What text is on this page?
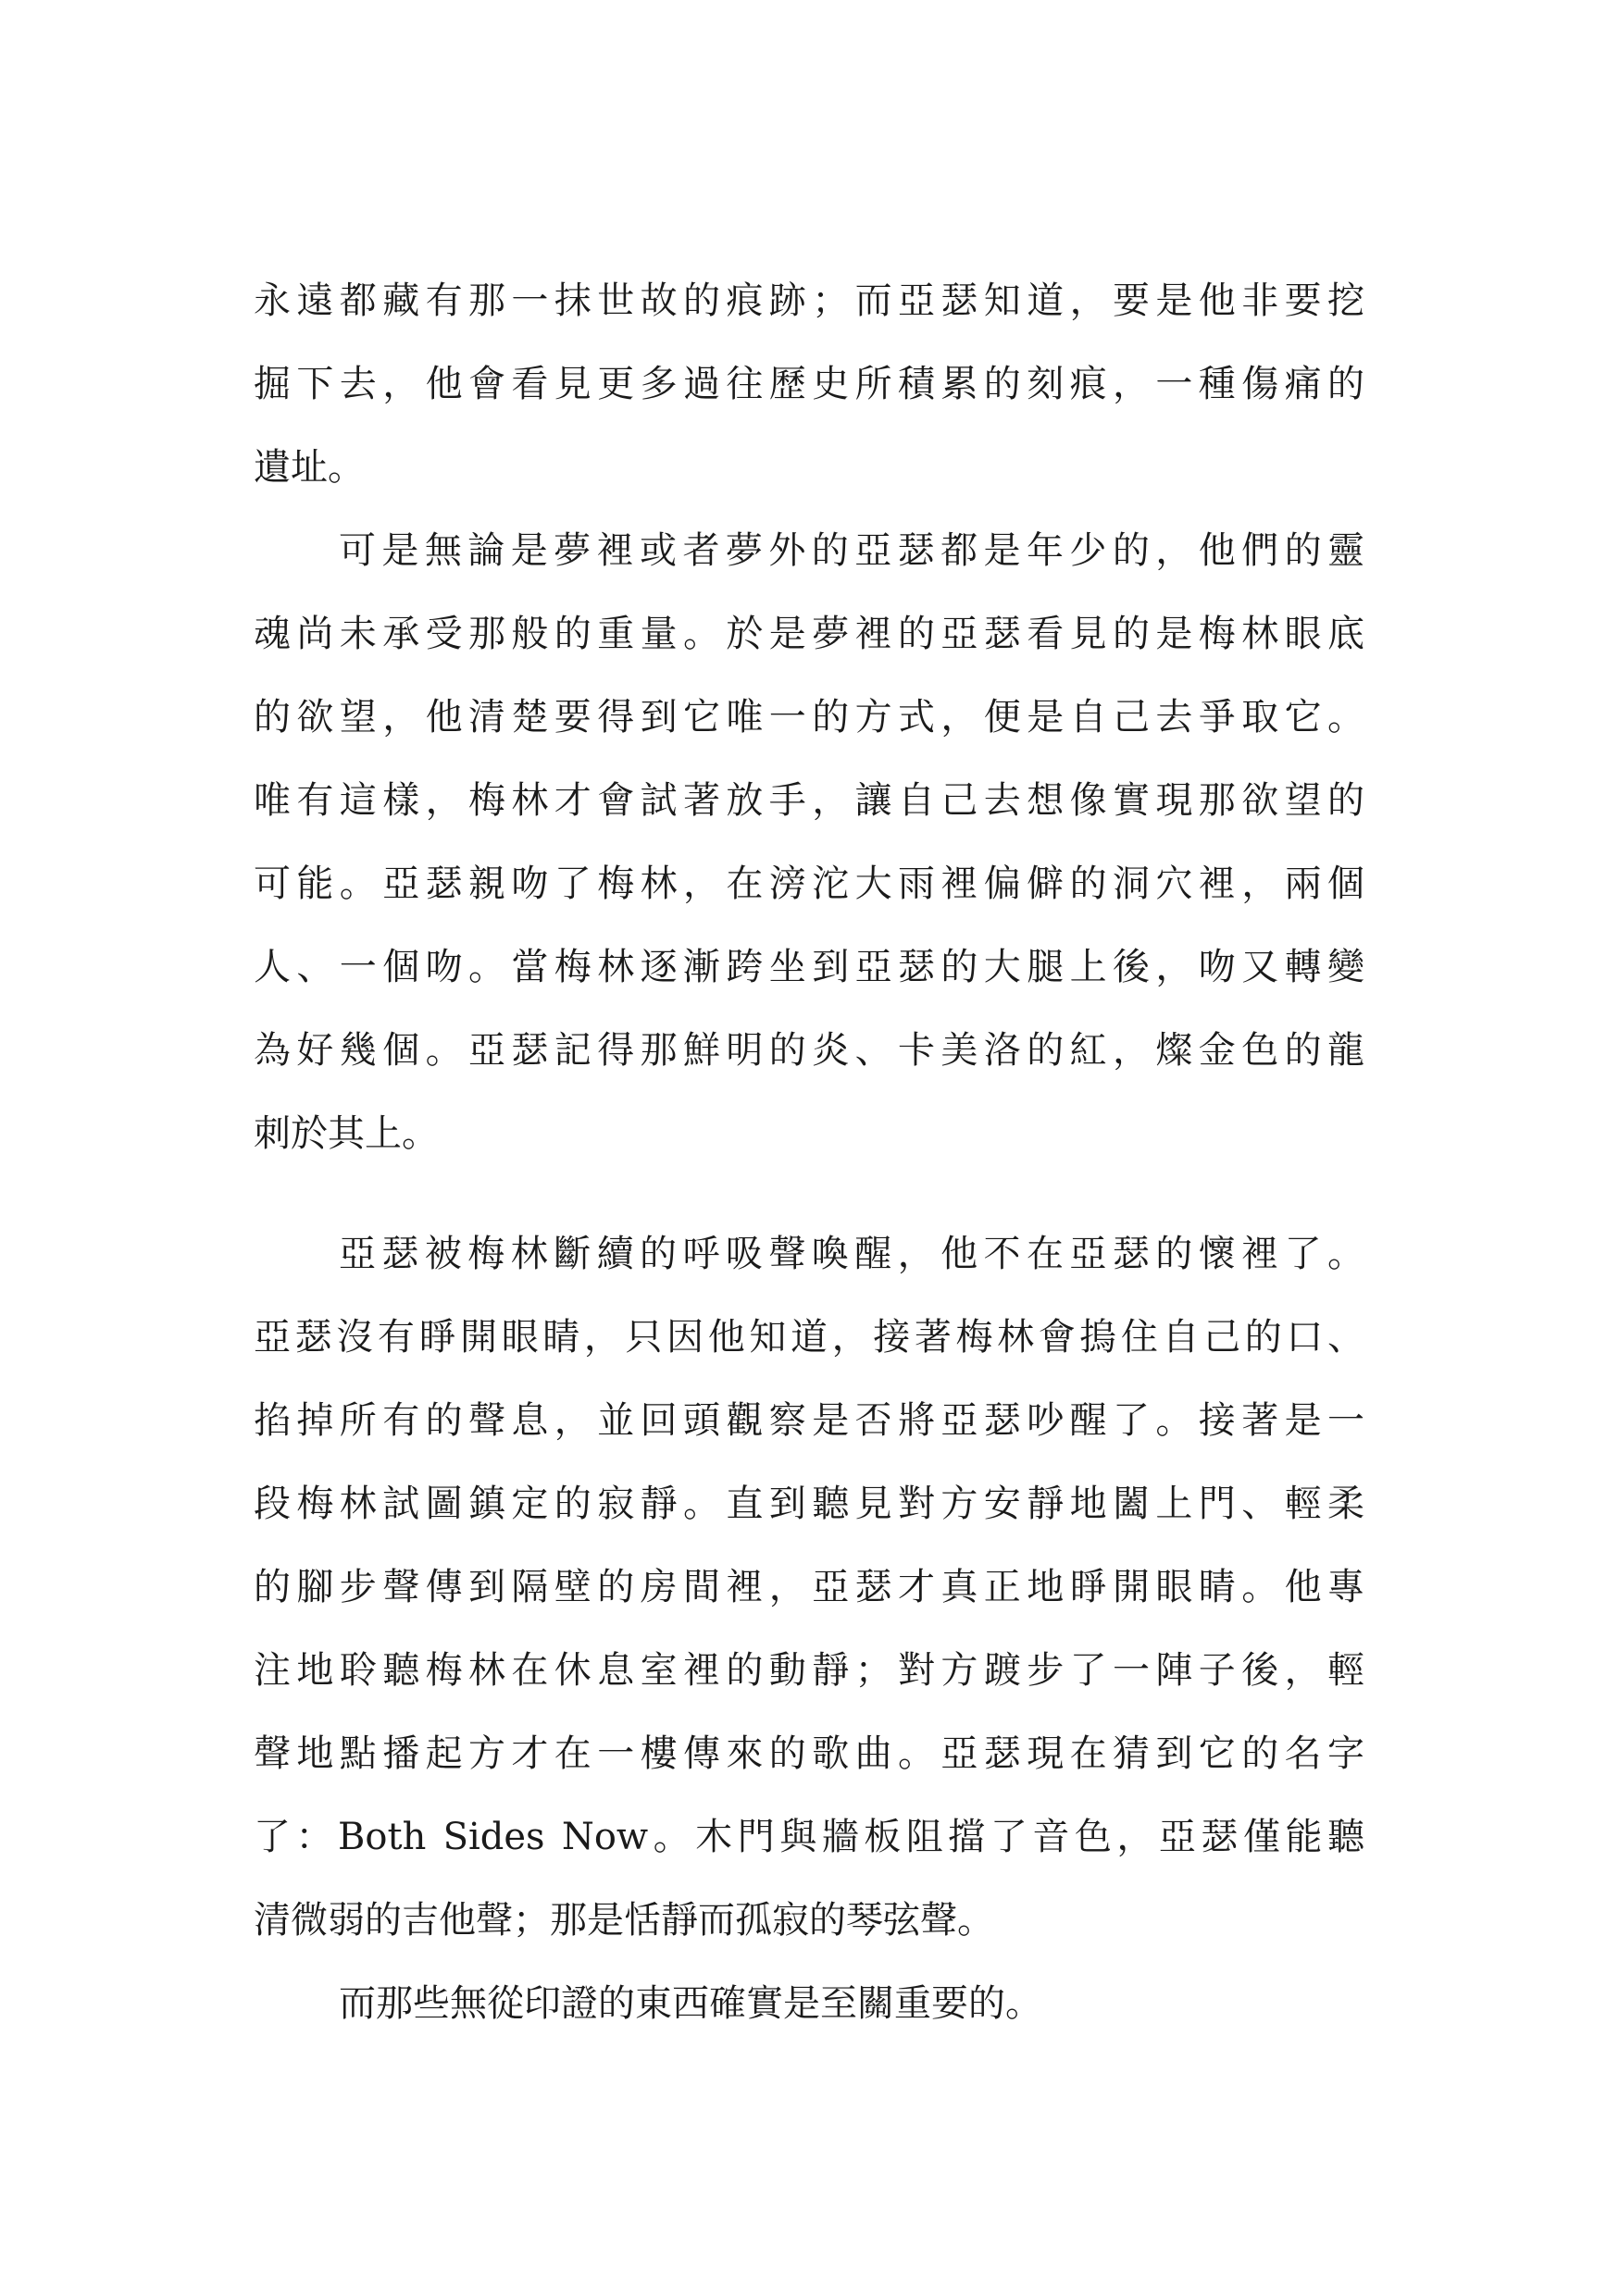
永遠都藏有那一抹世故的痕跡；而亞瑟知道，要是他非要挖
掘下去，他會看見更多過往歷史所積累的刻痕，一種傷痛的
遺址。
可是無論是夢裡或者夢外的亞瑟都是年少的，他們的靈
魂尚未承受那般的重量。於是夢裡的亞瑟看見的是梅林眼底
的欲望，他清楚要得到它唯一的方式，便是自己去爭取它。
唯有這樣，梅林才會試著放手，讓自己去想像實現那欲望的
可能。亞瑟親吻了梅林，在滂沱大雨裡偏僻的洞穴裡，兩個
人、一個吻。當梅林逐漸跨坐到亞瑟的大腿上後，吻又轉變
為好幾個。亞瑟記得那鮮明的炎、卡美洛的紅，燦金色的龍
刺於其上。
亞瑟被梅林斷續的呼吸聲喚醒，他不在亞瑟的懷裡了。
亞瑟沒有睜開眼睛，只因他知道，接著梅林會摀住自己的口、
掐掉所有的聲息，並回頭觀察是否將亞瑟吵醒了。接著是一
段梅林試圖鎮定的寂靜。直到聽見對方安靜地闔上門、輕柔
的腳步聲傳到隔壁的房間裡，亞瑟才真正地睜開眼睛。他專
注地聆聽梅林在休息室裡的動靜；對方踱步了一陣子後，輕
聲地點播起方才在一樓傳來的歌曲。亞瑟現在猜到它的名字
了：Both Sides Now。木門與牆板阻擋了音色，亞瑟僅能聽
清微弱的吉他聲；那是恬靜而孤寂的琴弦聲。
而那些無從印證的東西確實是至關重要的。
